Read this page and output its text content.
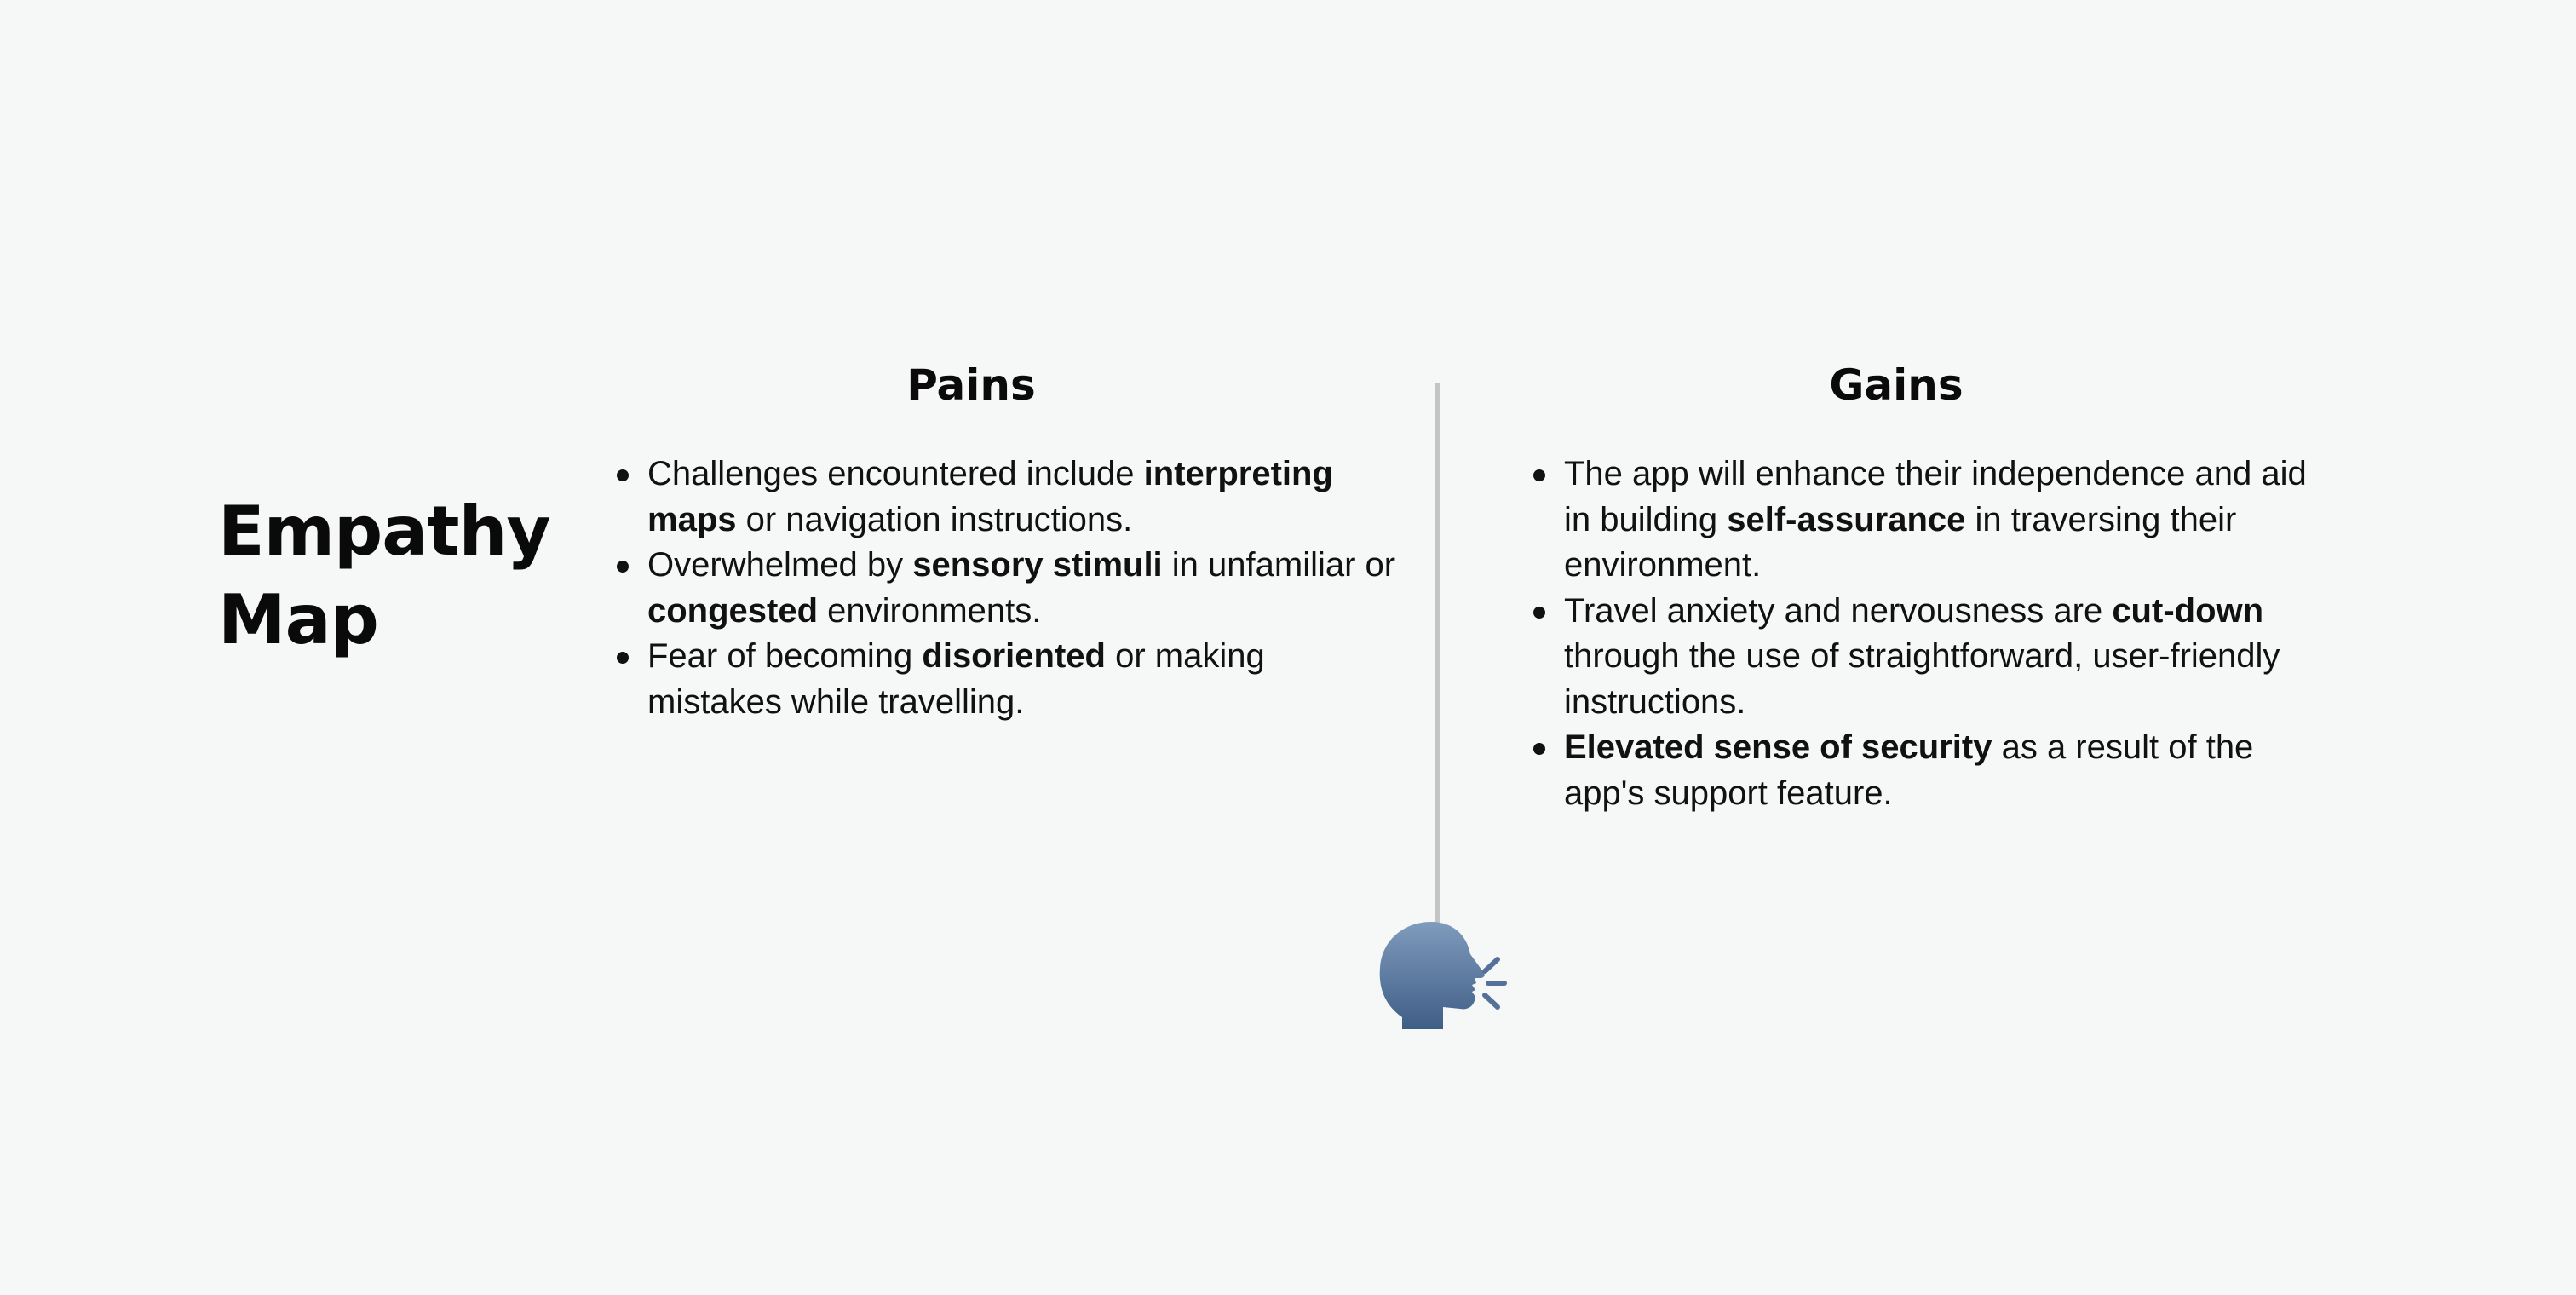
Empathy
Map
Pains
Challenges encountered include interpreting maps or navigation instructions.
Overwhelmed by sensory stimuli in unfamiliar or congested environments.
Fear of becoming disoriented or making mistakes while travelling.
Gains
The app will enhance their independence and aid in building self-assurance in traversing their environment.
Travel anxiety and nervousness are cut-down through the use of straightforward, user-friendly instructions.
Elevated sense of security as a result of the app's support feature.
